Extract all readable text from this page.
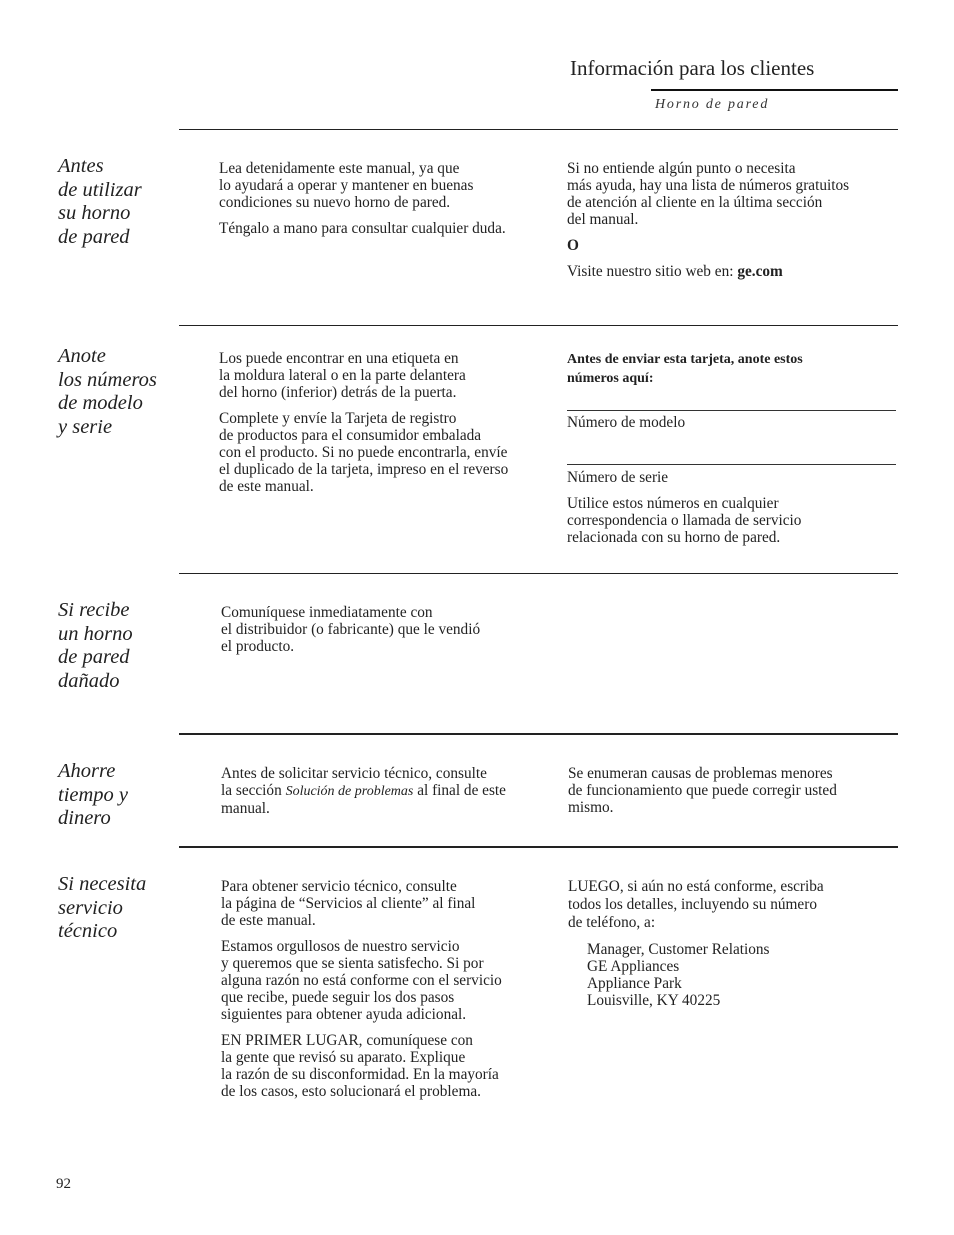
Información para los clientes
Horno de pared
Antes
de utilizar
su horno
de pared

Lea detenidamente este manual, ya que
lo ayudará a operar y mantener en buenas
condiciones su nuevo horno de pared.

Téngalo a mano para consultar cualquier duda.

Si no entiende algún punto o necesita
más ayuda, hay una lista de números gratuitos
de atención al cliente en la última sección
del manual.

O

Visite nuestro sitio web en: ge.com

Anote
los números
de modelo
y serie

Los puede encontrar en una etiqueta en
la moldura lateral o en la parte delantera
del horno (inferior) detrás de la puerta.

Complete y envíe la Tarjeta de registro
de productos para el consumidor embalada
con el producto. Si no puede encontrarla, envíe
el duplicado de la tarjeta, impreso en el reverso
de este manual.

Antes de enviar esta tarjeta, anote estos
números aquí:
Número de modelo
Número de serie
Utilice estos números en cualquier
correspondencia o llamada de servicio
relacionada con su horno de pared.
Si recibe
un horno
de pared
dañado
Comuníquese inmediatamente con
el distribuidor (o fabricante) que le vendió
el producto.
Ahorre
tiempo y
dinero
Antes de solicitar servicio técnico, consulte
la sección Solución de problemas al final de este
manual.
Se enumeran causas de problemas menores
de funcionamiento que puede corregir usted
mismo.
Si necesita
servicio
técnico

Para obtener servicio técnico, consulte
la página de “Servicios al cliente” al final
de este manual.

Estamos orgullosos de nuestro servicio
y queremos que se sienta satisfecho. Si por
alguna razón no está conforme con el servicio
que recibe, puede seguir los dos pasos
siguientes para obtener ayuda adicional.

EN PRIMER LUGAR, comuníquese con
la gente que revisó su aparato. Explique
la razón de su disconformidad. En la mayoría
de los casos, esto solucionará el problema.

LUEGO, si aún no está conforme, escriba
todos los detalles, incluyendo su número
de teléfono, a:

Manager, Customer Relations
GE Appliances
Appliance Park
Louisville, KY 40225
92
